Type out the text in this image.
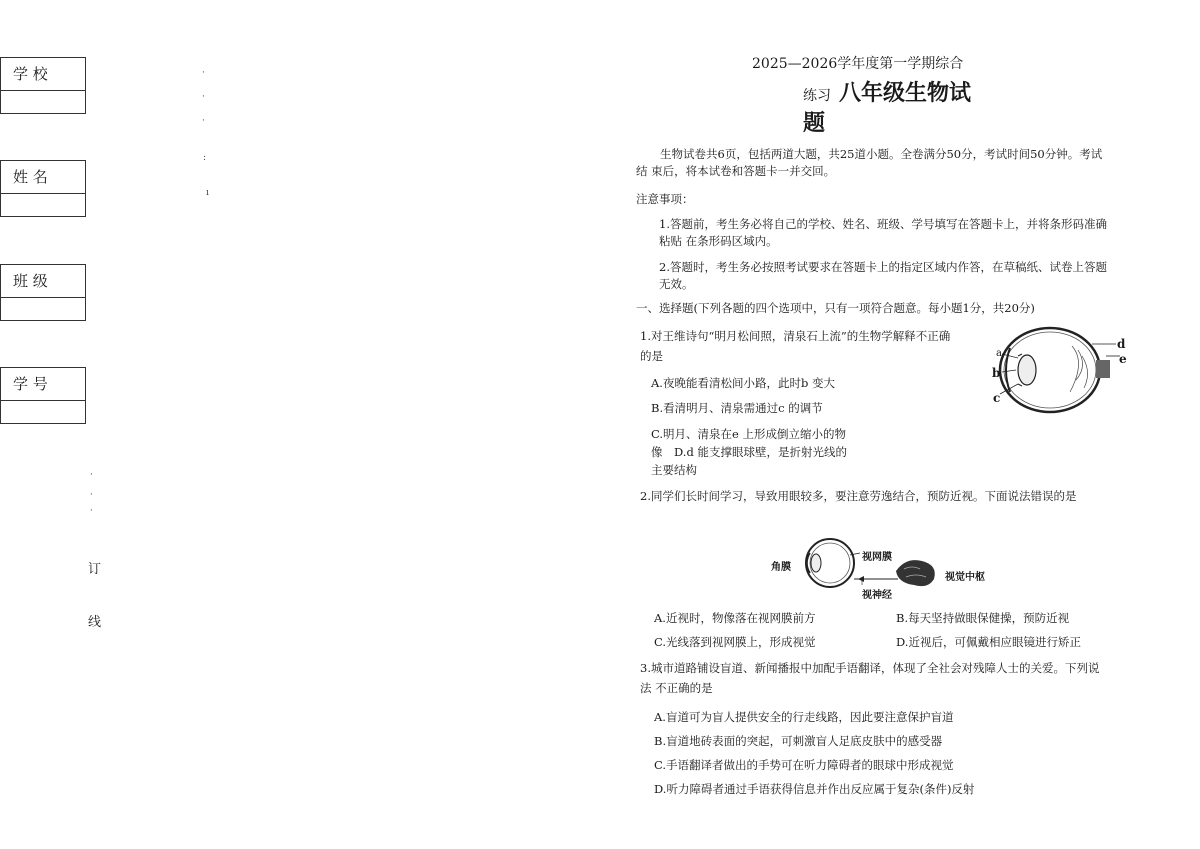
学 校
姓 名
班 级
学 号
·
·
·
:
ı
·
·
·
订
线
2025—2026学年度第一学期综合
练习 八年级生物试
题
生物试卷共6页，包括两道大题，共25道小题。全卷满分50分，考试时间50分钟。考试结 束后，将本试卷和答题卡一并交回。
注意事项：
1.答题前，考生务必将自己的学校、姓名、班级、学号填写在答题卡上，并将条形码准确粘贴 在条形码区域内。
2.答题时，考生务必按照考试要求在答题卡上的指定区域内作答，在草稿纸、试卷上答题 无效。
一、选择题(下列各题的四个选项中，只有一项符合题意。每小题1分，共20分)
1.对王维诗句“明月松间照，清泉石上流”的生物学解释不正确 的是
A.夜晚能看清松间小路，此时b 变大
B.看清明月、清泉需通过c 的调节
C.明月、清泉在e 上形成倒立缩小的物像　D.d 能支撑眼球壁，是折射光线的主要结构
a
b
c
d
e
2.同学们长时间学习，导致用眼较多，要注意劳逸结合，预防近视。下面说法错误的是
角膜
视网膜
视觉中枢
视神经
A.近视时，物像落在视网膜前方	B.每天坚持做眼保健操，预防近视
C.光线落到视网膜上，形成视觉	D.近视后，可佩戴相应眼镜进行矫正
3.城市道路铺设盲道、新闻播报中加配手语翻译，体现了全社会对残障人士的关爱。下列说法 不正确的是
A.盲道可为盲人提供安全的行走线路，因此要注意保护盲道
B.盲道地砖表面的突起，可刺激盲人足底皮肤中的感受器
C.手语翻译者做出的手势可在听力障碍者的眼球中形成视觉
D.听力障碍者通过手语获得信息并作出反应属于复杂(条件)反射
